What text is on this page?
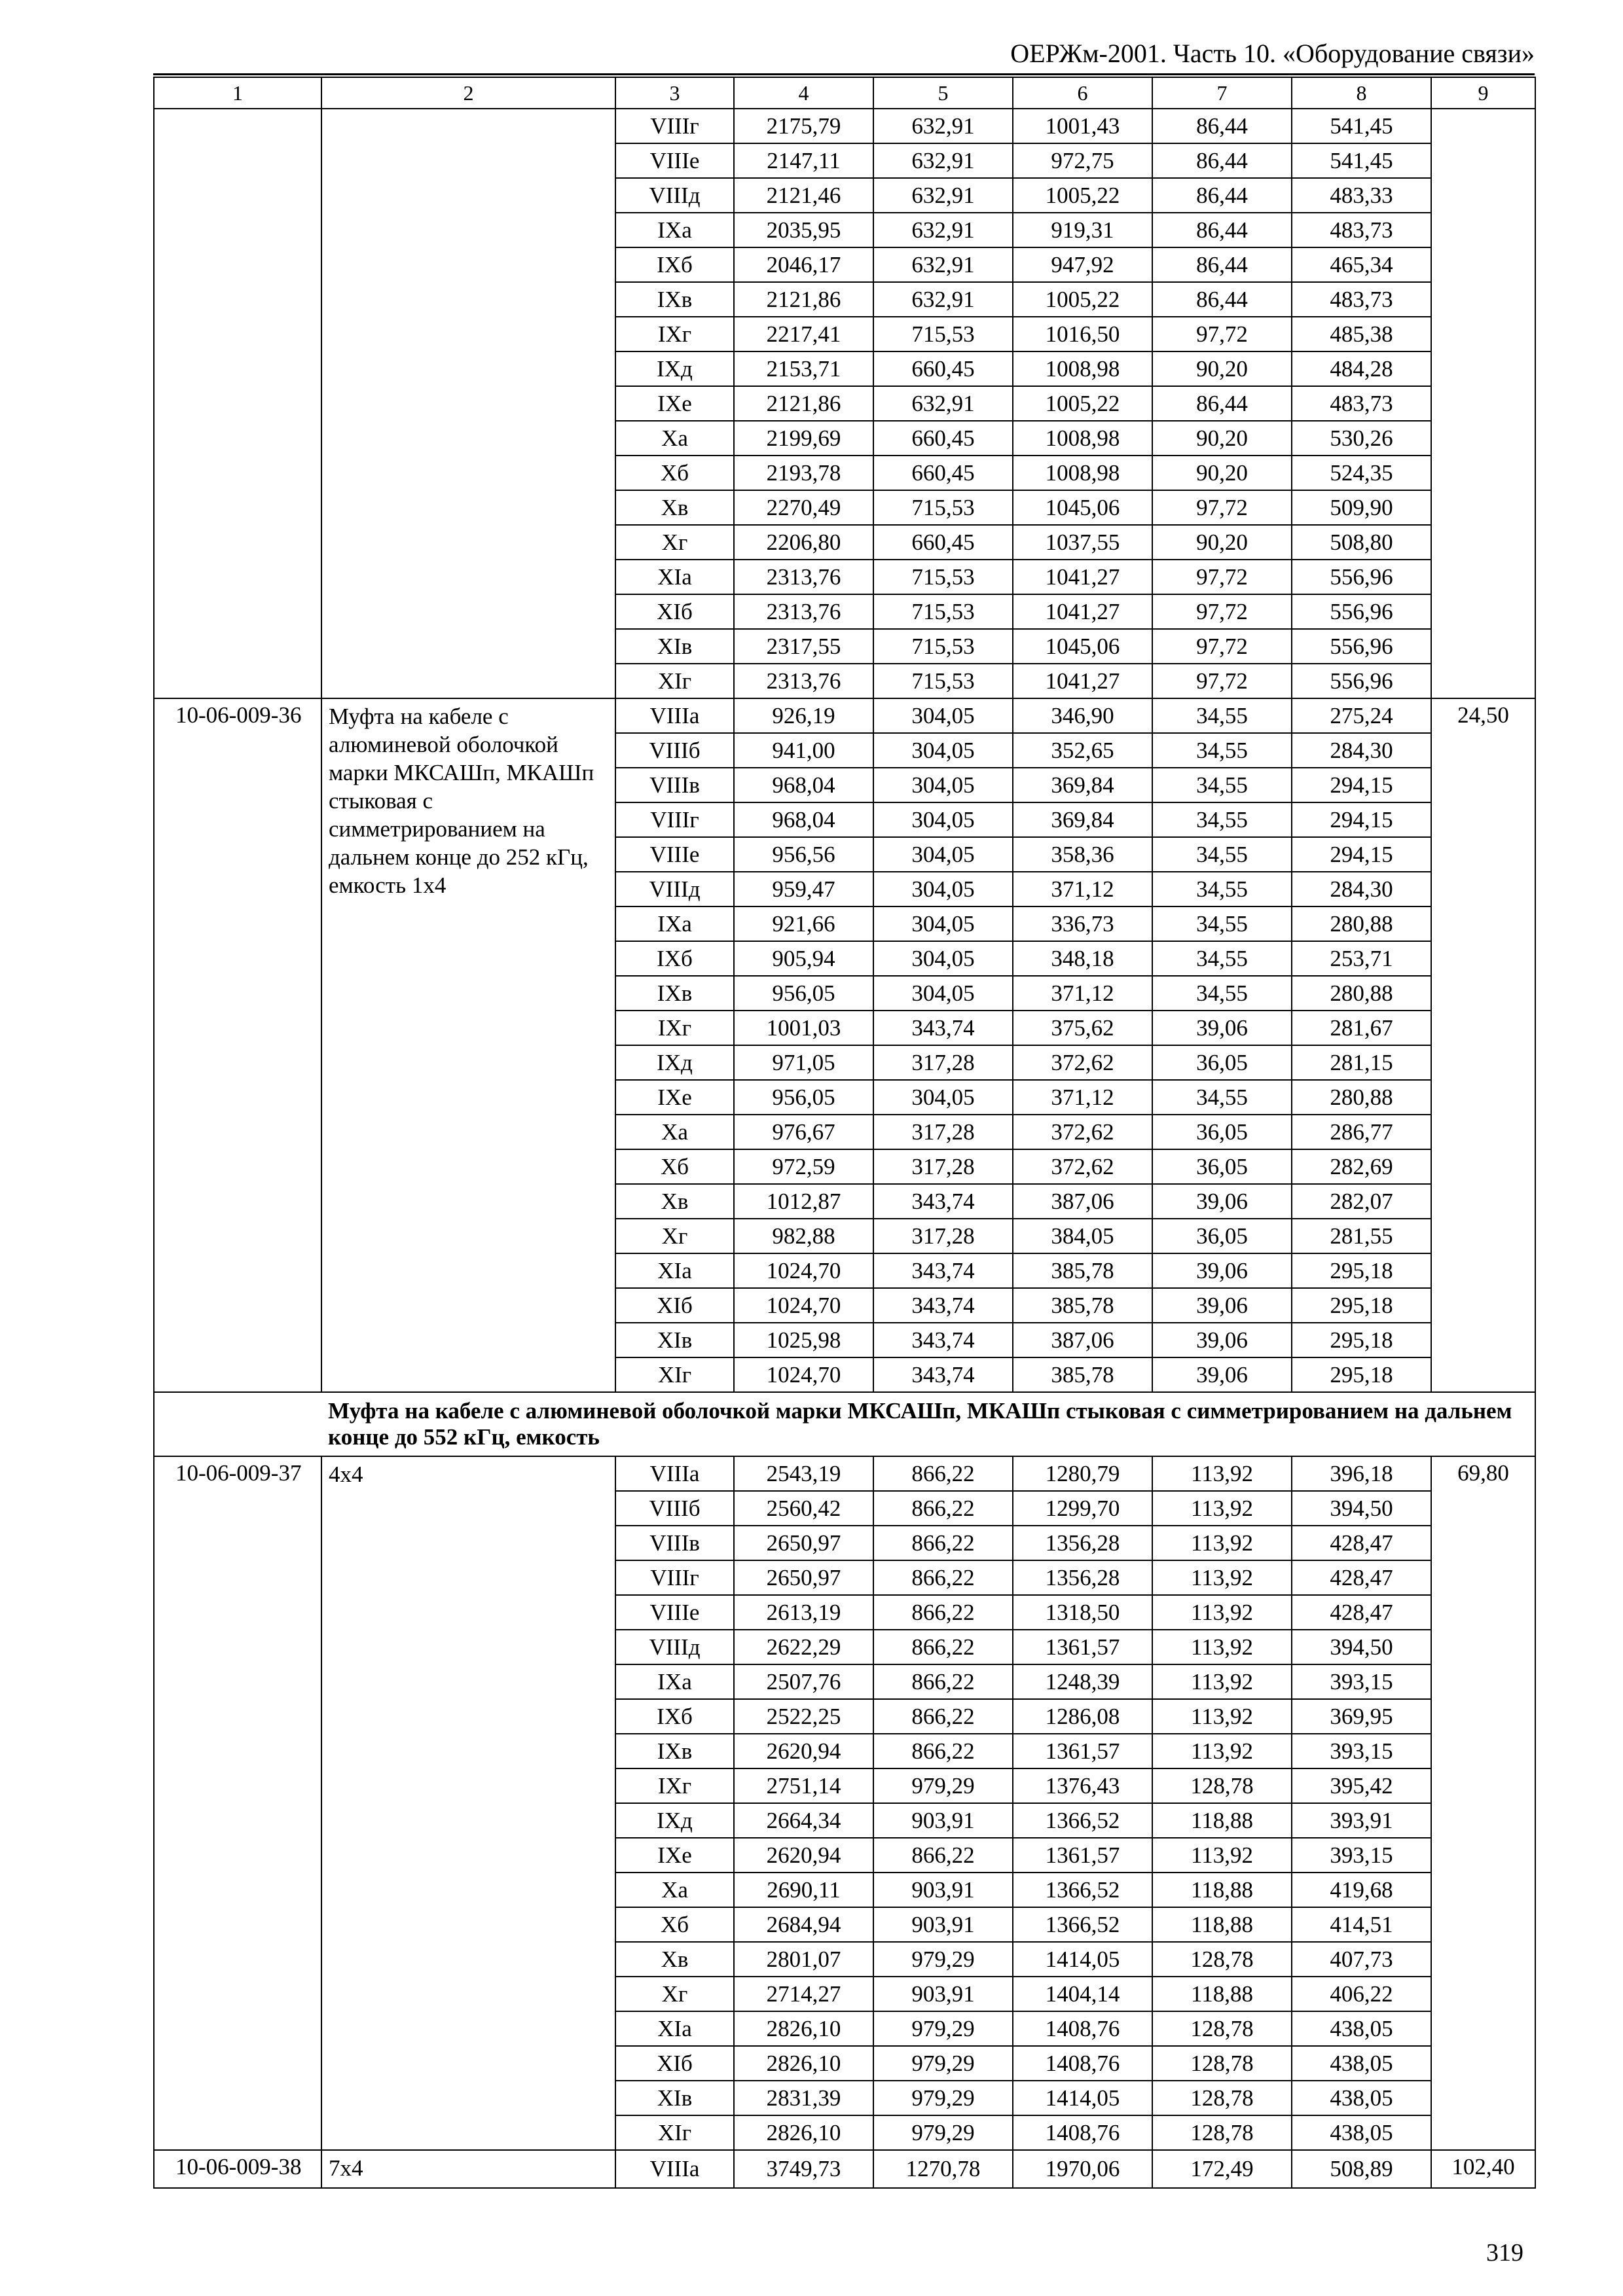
ОЕРЖм-2001. Часть 10. «Оборудование связи»
1	2	3	4	5	6	7	8	9
		VIIIг	2175,79	632,91	1001,43	86,44	541,45	
		VIIIе	2147,11	632,91	972,75	86,44	541,45	
		VIIIд	2121,46	632,91	1005,22	86,44	483,33	
		IXа	2035,95	632,91	919,31	86,44	483,73	
		IXб	2046,17	632,91	947,92	86,44	465,34	
		IXв	2121,86	632,91	1005,22	86,44	483,73	
		IXг	2217,41	715,53	1016,50	97,72	485,38	
		IXд	2153,71	660,45	1008,98	90,20	484,28	
		IXе	2121,86	632,91	1005,22	86,44	483,73	
		Xа	2199,69	660,45	1008,98	90,20	530,26	
		Xб	2193,78	660,45	1008,98	90,20	524,35	
		Xв	2270,49	715,53	1045,06	97,72	509,90	
		Xг	2206,80	660,45	1037,55	90,20	508,80	
		XIа	2313,76	715,53	1041,27	97,72	556,96	
		XIб	2313,76	715,53	1041,27	97,72	556,96	
		XIв	2317,55	715,53	1045,06	97,72	556,96	
		XIг	2313,76	715,53	1041,27	97,72	556,96	
10-06-009-36	Муфта на кабеле с алюминевой оболочкой марки МКСАШп, МКАШп стыковая с симметрированием на дальнем конце до 252 кГц, емкость 1х4	VIIIа	926,19	304,05	346,90	34,55	275,24	24,50
		VIIIб	941,00	304,05	352,65	34,55	284,30	
		VIIIв	968,04	304,05	369,84	34,55	294,15	
		VIIIг	968,04	304,05	369,84	34,55	294,15	
		VIIIе	956,56	304,05	358,36	34,55	294,15	
		VIIIд	959,47	304,05	371,12	34,55	284,30	
		IXа	921,66	304,05	336,73	34,55	280,88	
		IXб	905,94	304,05	348,18	34,55	253,71	
		IXв	956,05	304,05	371,12	34,55	280,88	
		IXг	1001,03	343,74	375,62	39,06	281,67	
		IXд	971,05	317,28	372,62	36,05	281,15	
		IXе	956,05	304,05	371,12	34,55	280,88	
		Xа	976,67	317,28	372,62	36,05	286,77	
		Xб	972,59	317,28	372,62	36,05	282,69	
		Xв	1012,87	343,74	387,06	39,06	282,07	
		Xг	982,88	317,28	384,05	36,05	281,55	
		XIа	1024,70	343,74	385,78	39,06	295,18	
		XIб	1024,70	343,74	385,78	39,06	295,18	
		XIв	1025,98	343,74	387,06	39,06	295,18	
		XIг	1024,70	343,74	385,78	39,06	295,18	
	Муфта на кабеле с алюминевой оболочкой марки МКСАШп, МКАШп стыковая с симметрированием на дальнем конце до 552 кГц, емкость							
10-06-009-37	4х4	VIIIа	2543,19	866,22	1280,79	113,92	396,18	69,80
		VIIIб	2560,42	866,22	1299,70	113,92	394,50	
		VIIIв	2650,97	866,22	1356,28	113,92	428,47	
		VIIIг	2650,97	866,22	1356,28	113,92	428,47	
		VIIIе	2613,19	866,22	1318,50	113,92	428,47	
		VIIIд	2622,29	866,22	1361,57	113,92	394,50	
		IXа	2507,76	866,22	1248,39	113,92	393,15	
		IXб	2522,25	866,22	1286,08	113,92	369,95	
		IXв	2620,94	866,22	1361,57	113,92	393,15	
		IXг	2751,14	979,29	1376,43	128,78	395,42	
		IXд	2664,34	903,91	1366,52	118,88	393,91	
		IXе	2620,94	866,22	1361,57	113,92	393,15	
		Xа	2690,11	903,91	1366,52	118,88	419,68	
		Xб	2684,94	903,91	1366,52	118,88	414,51	
		Xв	2801,07	979,29	1414,05	128,78	407,73	
		Xг	2714,27	903,91	1404,14	118,88	406,22	
		XIа	2826,10	979,29	1408,76	128,78	438,05	
		XIб	2826,10	979,29	1408,76	128,78	438,05	
		XIв	2831,39	979,29	1414,05	128,78	438,05	
		XIг	2826,10	979,29	1408,76	128,78	438,05	
10-06-009-38	7х4	VIIIа	3749,73	1270,78	1970,06	172,49	508,89	102,40
319
